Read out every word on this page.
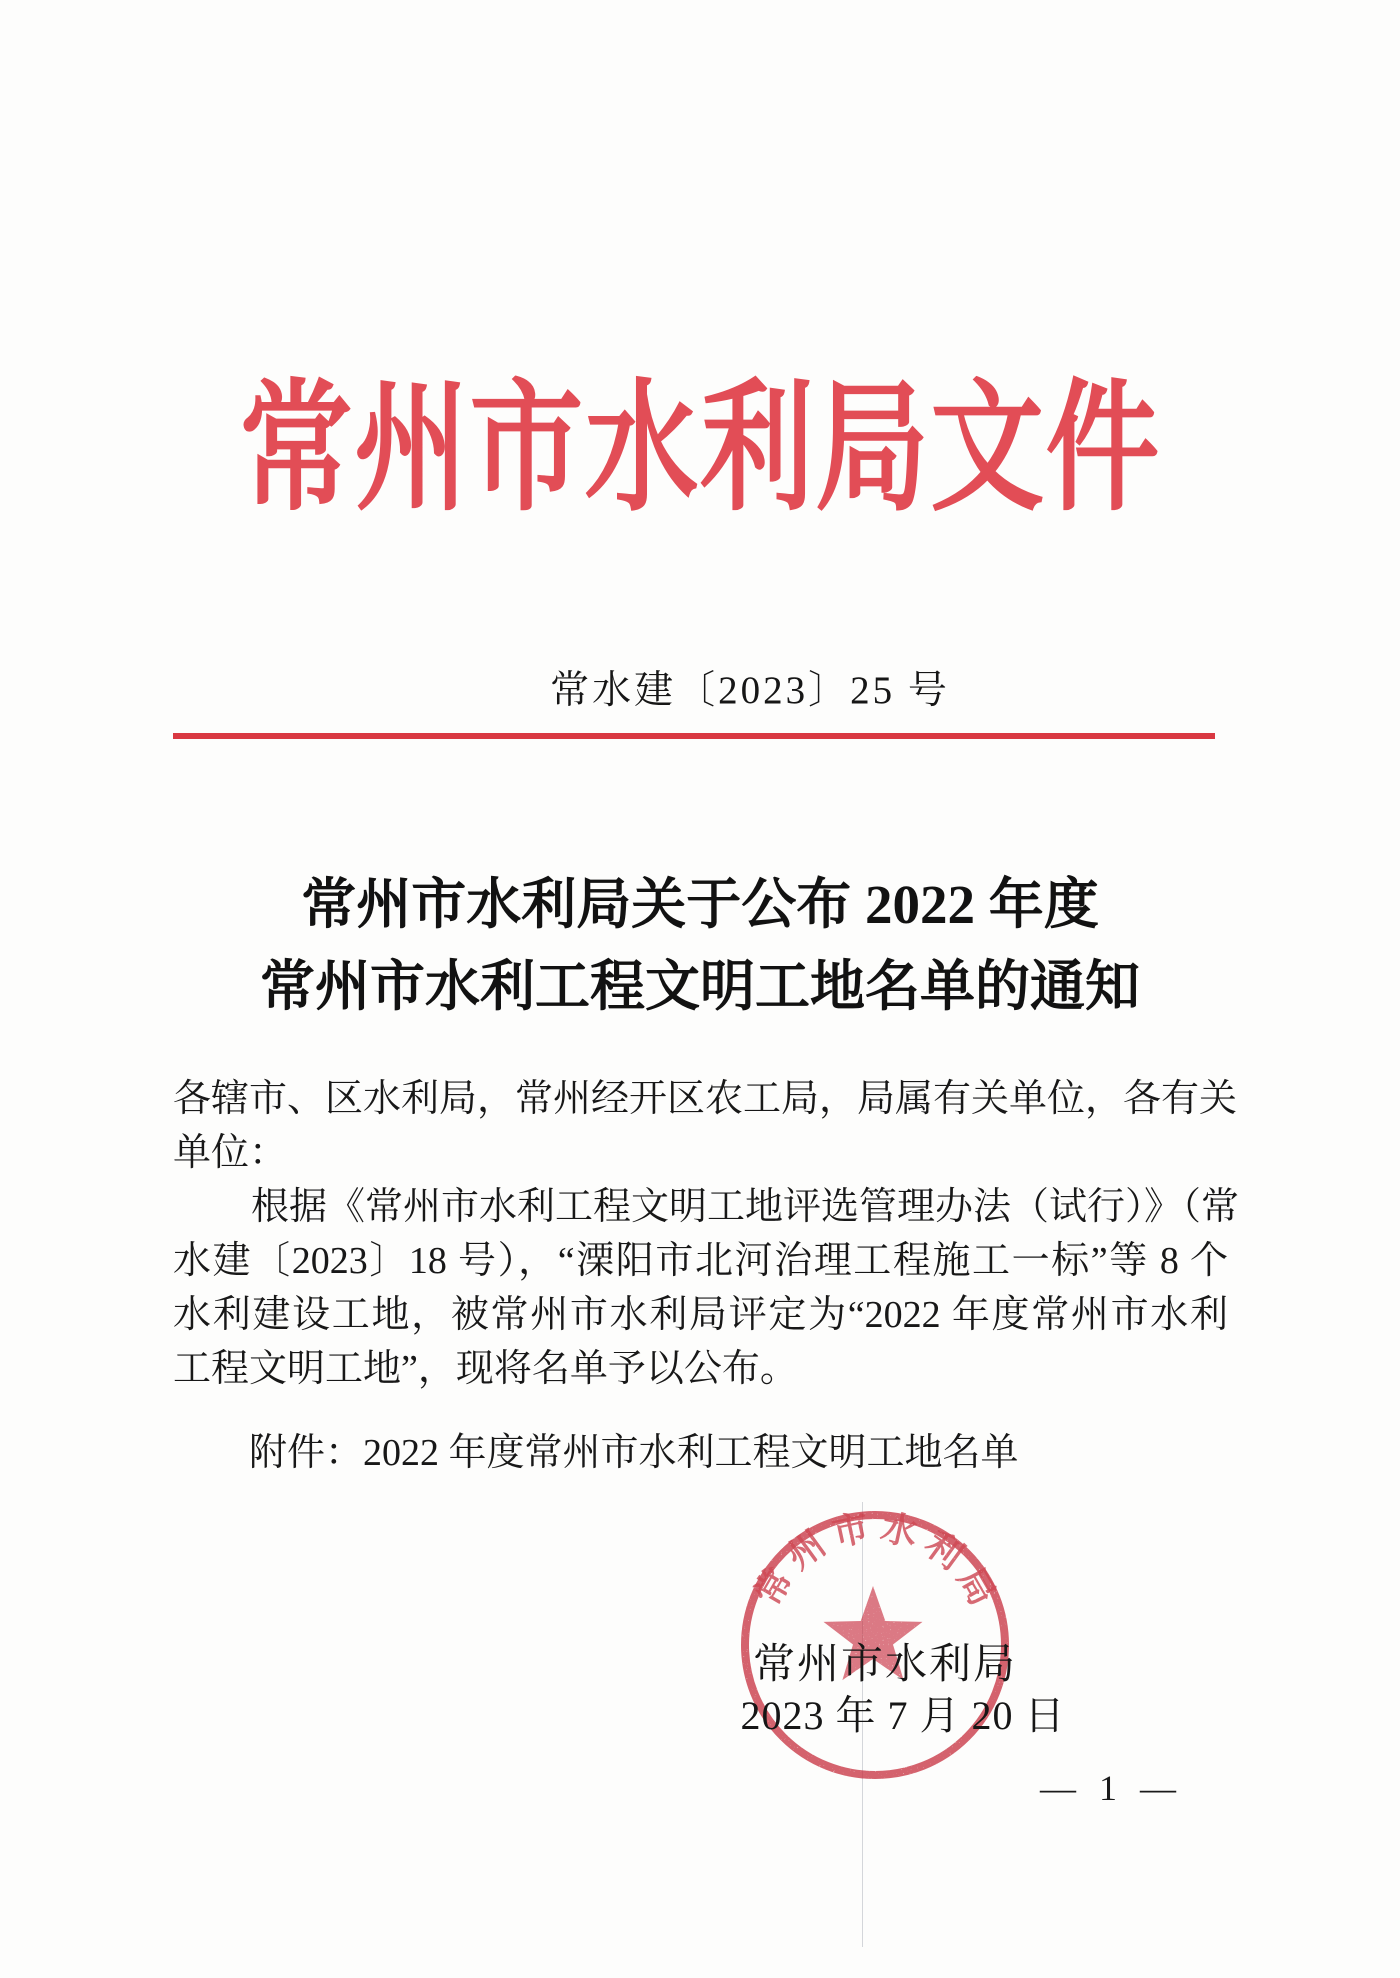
常州市水利局文件
常水建〔2023〕25 号
常州市水利局关于公布 2022 年度
常州市水利工程文明工地名单的通知
各辖市、区水利局，常州经开区农工局，局属有关单位，各有关
单位：
根据《常州市水利工程文明工地评选管理办法（试行）》（常
水建〔2023〕18 号），“溧阳市北河治理工程施工一标”等 8 个
水利建设工地，被常州市水利局评定为“2022 年度常州市水利
工程文明工地”，现将名单予以公布。
附件：2022 年度常州市水利工程文明工地名单
常
州
市 水
利
局
常州市水利局
2023 年 7 月 20 日
— 1 —
